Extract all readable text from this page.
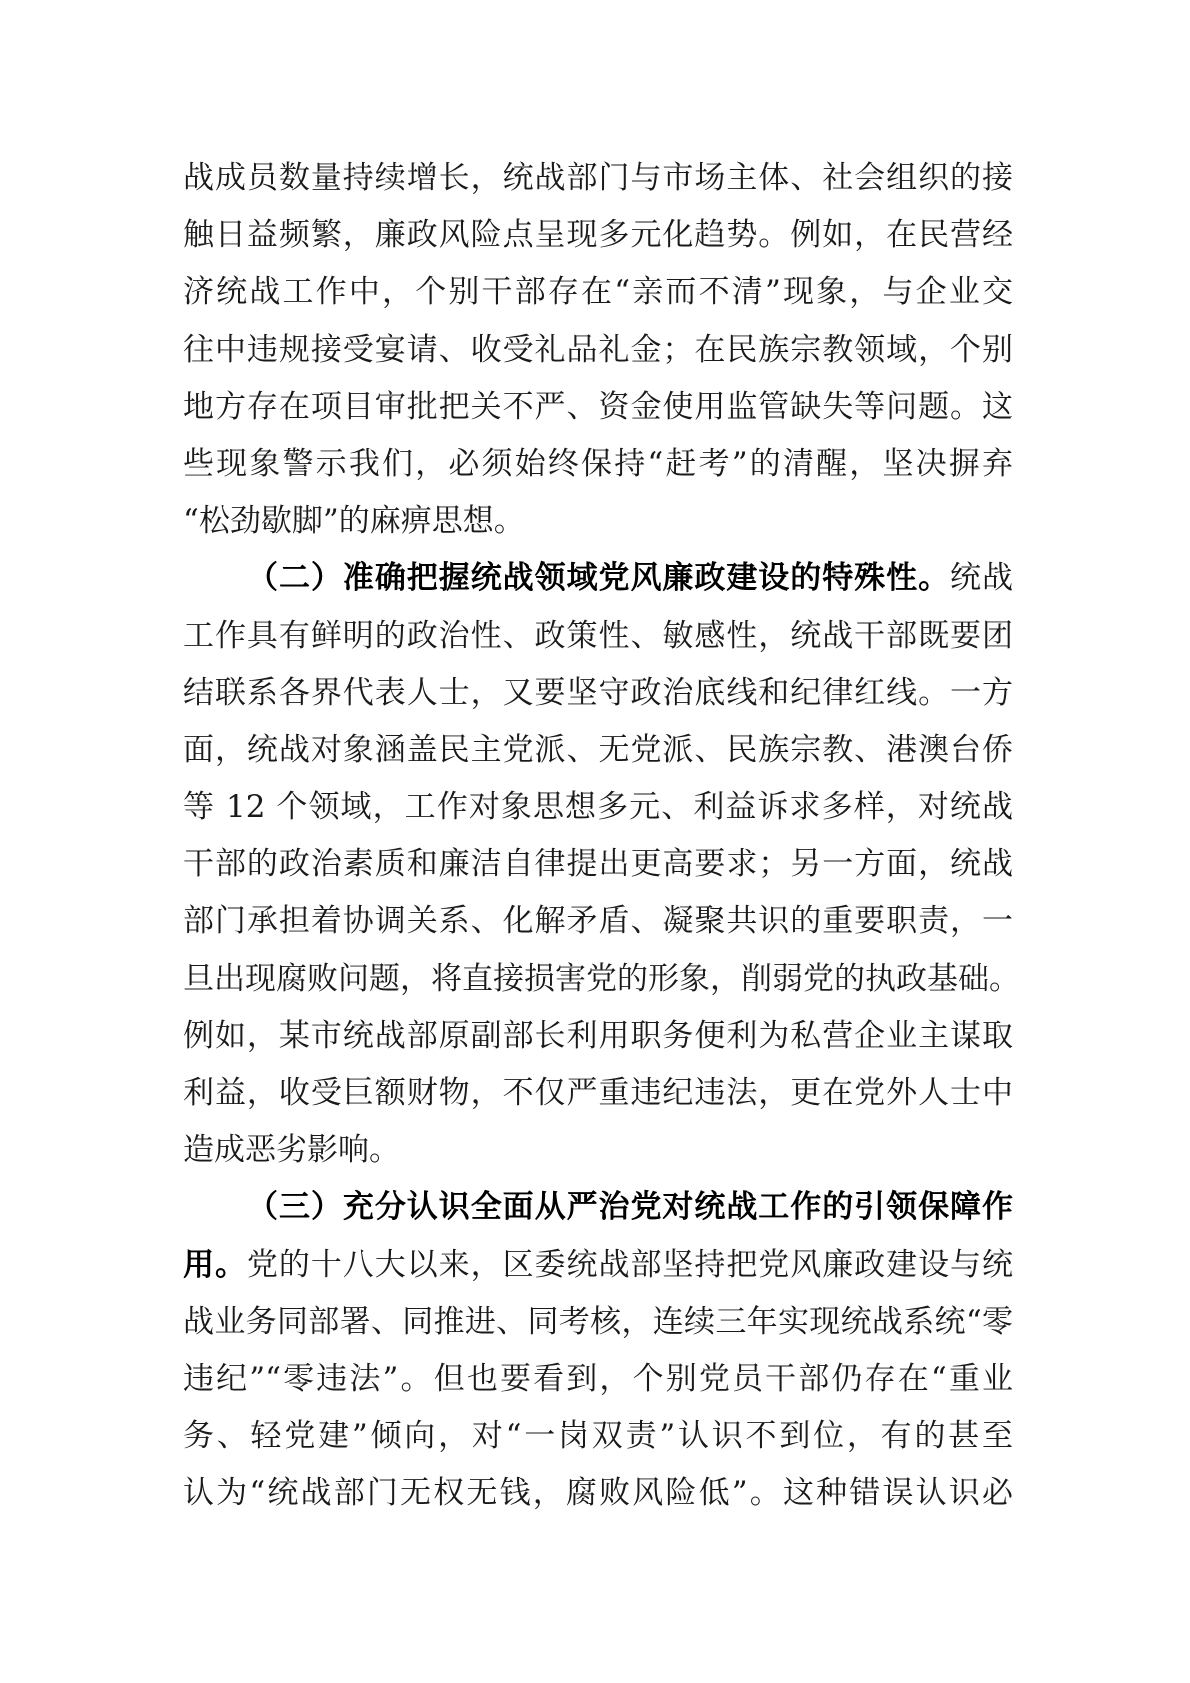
战成员数量持续增长，统战部门与市场主体、社会组织的接
触日益频繁，廉政风险点呈现多元化趋势。例如，在民营经
济统战工作中，个别干部存在“亲而不清”现象，与企业交
往中违规接受宴请、收受礼品礼金；在民族宗教领域，个别
地方存在项目审批把关不严、资金使用监管缺失等问题。这
些现象警示我们，必须始终保持“赶考”的清醒，坚决摒弃
“松劲歇脚”的麻痹思想。
（二）准确把握统战领域党风廉政建设的特殊性。统战
工作具有鲜明的政治性、政策性、敏感性，统战干部既要团
结联系各界代表人士，又要坚守政治底线和纪律红线。一方
面，统战对象涵盖民主党派、无党派、民族宗教、港澳台侨
等 12 个领域，工作对象思想多元、利益诉求多样，对统战
干部的政治素质和廉洁自律提出更高要求；另一方面，统战
部门承担着协调关系、化解矛盾、凝聚共识的重要职责，一
旦出现腐败问题，将直接损害党的形象，削弱党的执政基础。
例如，某市统战部原副部长利用职务便利为私营企业主谋取
利益，收受巨额财物，不仅严重违纪违法，更在党外人士中
造成恶劣影响。
（三）充分认识全面从严治党对统战工作的引领保障作
用。党的十八大以来，区委统战部坚持把党风廉政建设与统
战业务同部署、同推进、同考核，连续三年实现统战系统“零
违纪”“零违法”。但也要看到，个别党员干部仍存在“重业
务、轻党建”倾向，对“一岗双责”认识不到位，有的甚至
认为“统战部门无权无钱，腐败风险低”。这种错误认识必
